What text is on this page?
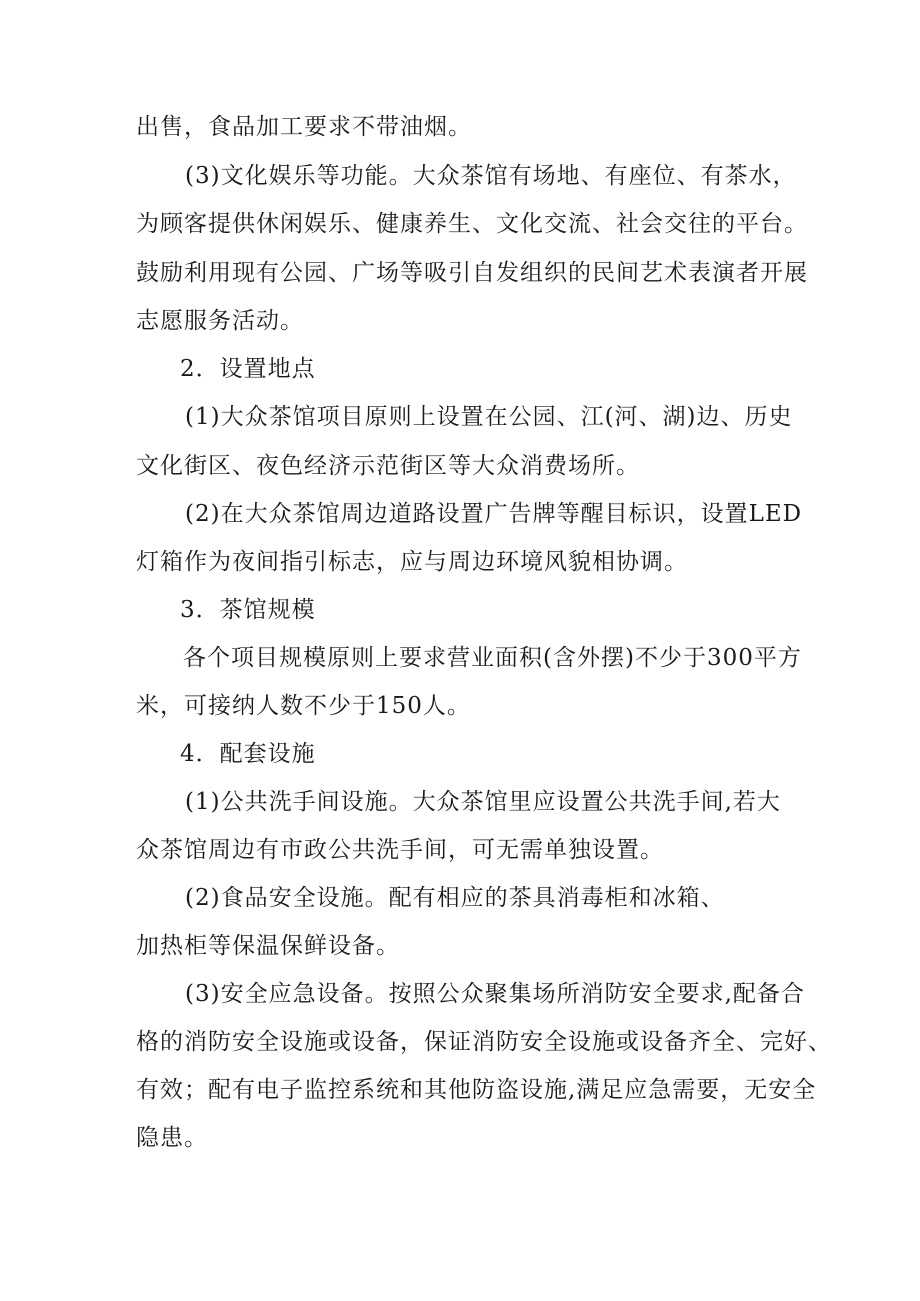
出售，食品加工要求不带油烟。
(3)文化娱乐等功能。大众茶馆有场地、有座位、有茶水，
为顾客提供休闲娱乐、健康养生、文化交流、社会交往的平台。
鼓励利用现有公园、广场等吸引自发组织的民间艺术表演者开展
志愿服务活动。
2．设置地点
(1)大众茶馆项目原则上设置在公园、江(河、湖)边、历史
文化街区、夜色经济示范街区等大众消费场所。
(2)在大众茶馆周边道路设置广告牌等醒目标识，设置LED
灯箱作为夜间指引标志，应与周边环境风貌相协调。
3．茶馆规模
各个项目规模原则上要求营业面积(含外摆)不少于300平方
米，可接纳人数不少于150人。
4．配套设施
(1)公共洗手间设施。大众茶馆里应设置公共洗手间,若大
众茶馆周边有市政公共洗手间，可无需单独设置。
(2)食品安全设施。配有相应的茶具消毒柜和冰箱、
加热柜等保温保鲜设备。
(3)安全应急设备。按照公众聚集场所消防安全要求,配备合
格的消防安全设施或设备，保证消防安全设施或设备齐全、完好、
有效；配有电子监控系统和其他防盗设施,满足应急需要，无安全
隐患。
